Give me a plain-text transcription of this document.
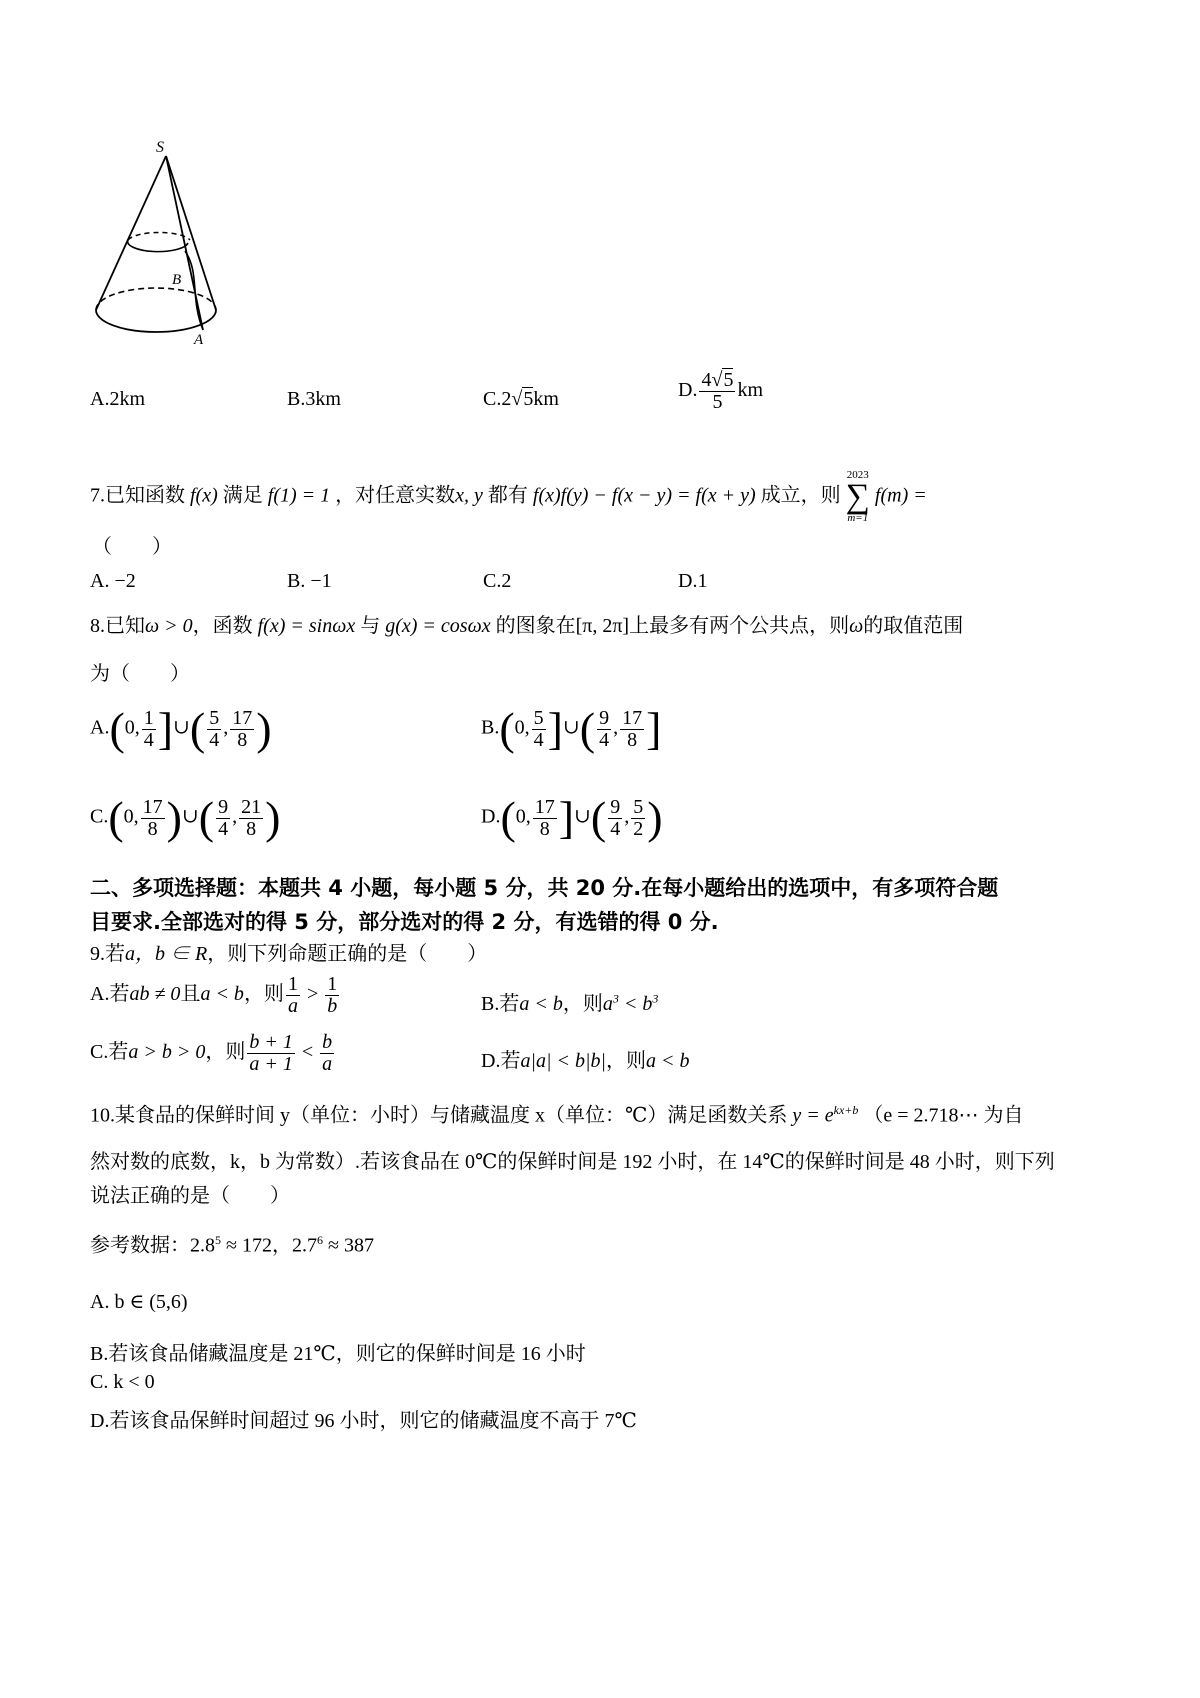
S
B
A
A.2km	B.3km	C.2√5km	D. $\frac{4√5}{5}$ km
7.已知函数 f(x) 满足 f(1) = 1 ，对任意实数x, y 都有 f(x)f(y) − f(x − y) = f(x + y) 成立，则
2023
∑
m=1
f(m) =
（　　）
A. −2	B. −1	C.2	D.1
8.已知ω > 0，函数 f(x) = sinωx 与 g(x) = cosωx 的图象在[π, 2π]上最多有两个公共点，则ω的取值范围
为（　　）
A.(0, $\frac{1}{4}$ ]∪( $\frac{5}{4}$ , $\frac{17}{8}$ )	B.(0, $\frac{5}{4}$ ]∪( $\frac{9}{4}$ , $\frac{17}{8}$ ]
C.(0, $\frac{17}{8}$ )∪( $\frac{9}{4}$ , $\frac{21}{8}$ )	D.(0, $\frac{17}{8}$ ]∪( $\frac{9}{4}$ , $\frac{5}{2}$ )
二、多项选择题：本题共 4 小题，每小题 5 分，共 20 分.在每小题给出的选项中，有多项符合题
目要求.全部选对的得 5 分，部分选对的得 2 分，有选错的得 0 分.
9.若a，b ∈ R，则下列命题正确的是（　　）
A.若ab ≠ 0且a < b，则 $\frac{1}{a} > \frac{1}{b}$	B.若a < b，则$a^3 < b^3$
C.若a > b > 0，则 $\frac{b + 1}{a + 1} < \frac{b}{a}$	D.若a|a| < b|b|，则a < b
10.某食品的保鲜时间 y（单位：小时）与储藏温度 x（单位：℃）满足函数关系 $y = e^{kx+b}$ （e = 2.718⋯ 为自
然对数的底数，k，b 为常数）.若该食品在 0℃的保鲜时间是 192 小时，在 14℃的保鲜时间是 48 小时，则下列
说法正确的是（　　）
参考数据：$2.8^5 \approx 172$，$2.7^6 \approx 387$
A. b ∈ (5,6)
B.若该食品储藏温度是 21℃，则它的保鲜时间是 16 小时
C. k < 0
D.若该食品保鲜时间超过 96 小时，则它的储藏温度不高于 7℃
